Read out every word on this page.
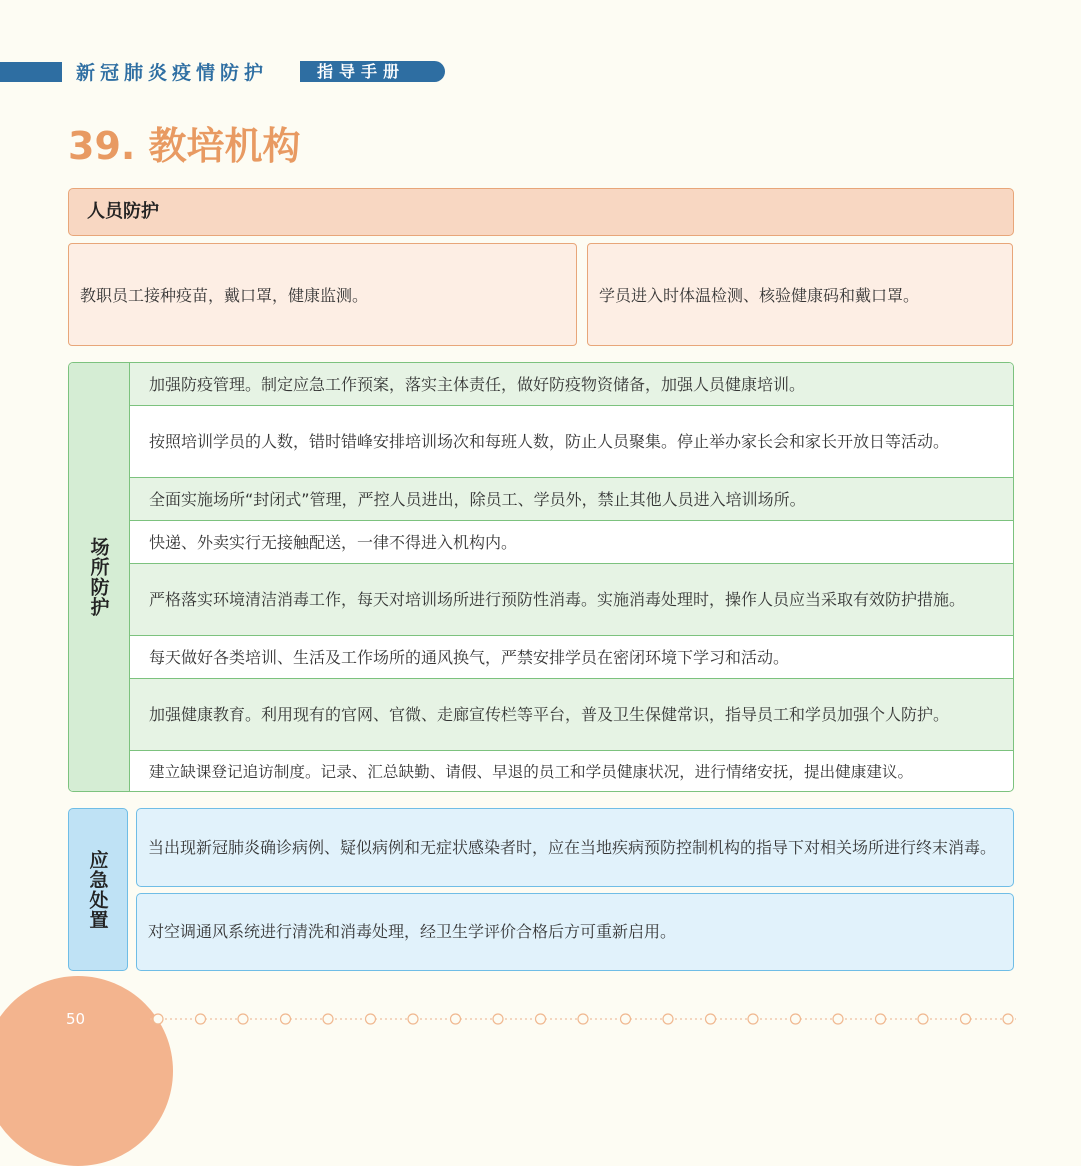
新冠肺炎疫情防护	指导手册
39. 教培机构
人员防护
教职员工接种疫苗，戴口罩，健康监测。	学员进入时体温检测、核验健康码和戴口罩。
场所防护
加强防疫管理。制定应急工作预案，落实主体责任，做好防疫物资储备，加强人员健康培训。
按照培训学员的人数，错时错峰安排培训场次和每班人数，防止人员聚集。停止举办家长会和家长开放日等活动。
全面实施场所“封闭式”管理，严控人员进出，除员工、学员外，禁止其他人员进入培训场所。
快递、外卖实行无接触配送，一律不得进入机构内。
严格落实环境清洁消毒工作，每天对培训场所进行预防性消毒。实施消毒处理时，操作人员应当采取有效防护措施。
每天做好各类培训、生活及工作场所的通风换气，严禁安排学员在密闭环境下学习和活动。
加强健康教育。利用现有的官网、官微、走廊宣传栏等平台，普及卫生保健常识，指导员工和学员加强个人防护。
建立缺课登记追访制度。记录、汇总缺勤、请假、早退的员工和学员健康状况，进行情绪安抚，提出健康建议。
应急处置
当出现新冠肺炎确诊病例、疑似病例和无症状感染者时，应在当地疾病预防控制机构的指导下对相关场所进行终末消毒。
对空调通风系统进行清洗和消毒处理，经卫生学评价合格后方可重新启用。
50
